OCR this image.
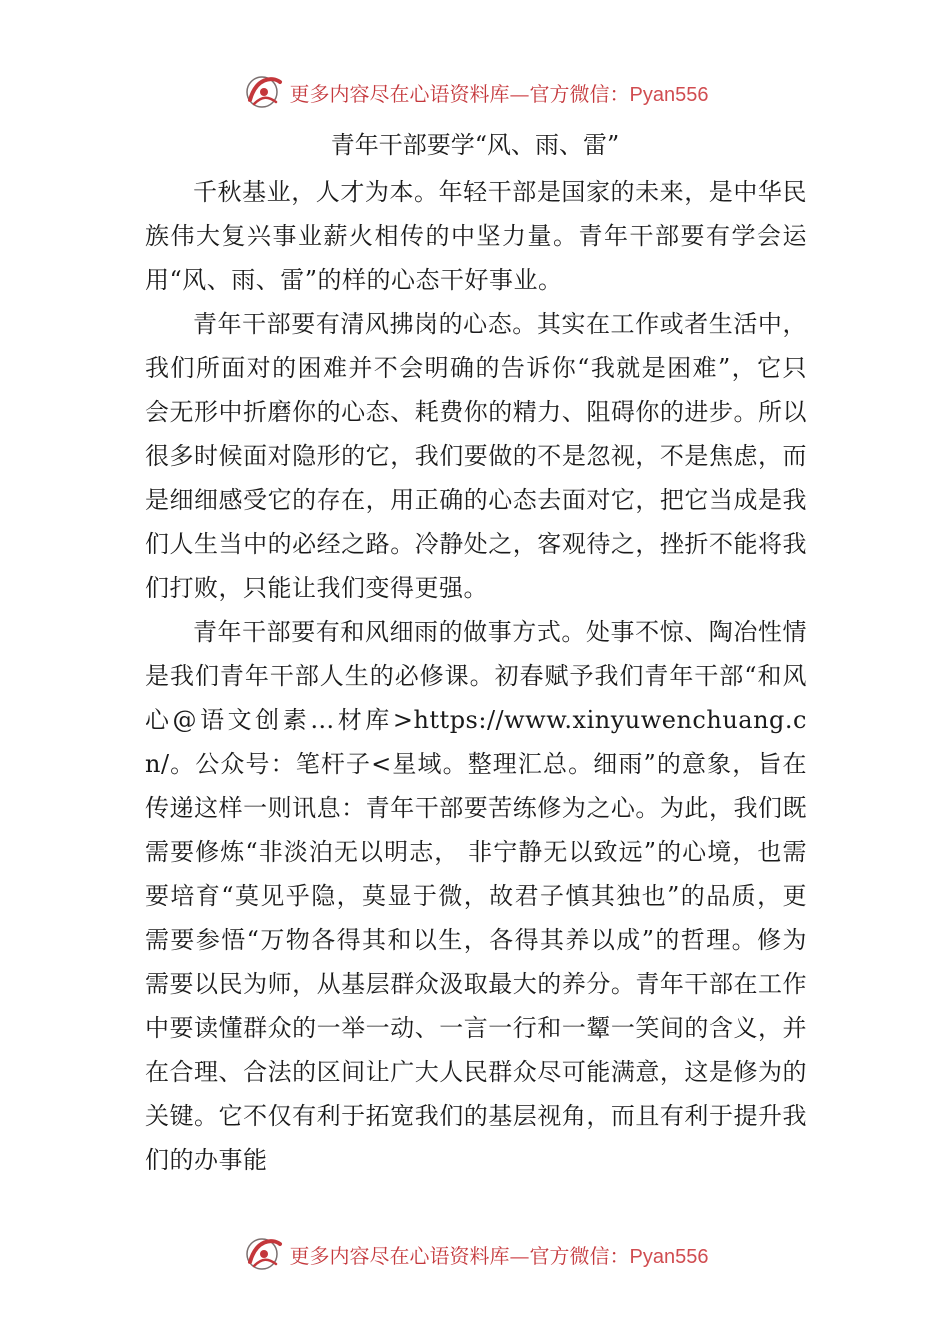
更多内容尽在心语资料库—官方微信：Pyan556
青年干部要学“风、雨、雷”

千秋基业，人才为本。年轻干部是国家的未来，是中华民族伟大复兴事业薪火相传的中坚力量。青年干部要有学会运用“风、雨、雷”的样的心态干好事业。

青年干部要有清风拂岗的心态。其实在工作或者生活中，我们所面对的困难并不会明确的告诉你“我就是困难”，它只会无形中折磨你的心态、耗费你的精力、阻碍你的进步。所以很多时候面对隐形的它，我们要做的不是忽视，不是焦虑，而是细细感受它的存在，用正确的心态去面对它，把它当成是我们人生当中的必经之路。冷静处之，客观待之，挫折不能将我们打败，只能让我们变得更强。

青年干部要有和风细雨的做事方式。处事不惊、陶冶性情是我们青年干部人生的必修课。初春赋予我们青年干部“和风心@语文创素…材库>https://www.xinyuwenchuang.cn/。公众号：笔杆子<星域。整理汇总。细雨”的意象，旨在传递这样一则讯息：青年干部要苦练修为之心。为此，我们既需要修炼“非淡泊无以明志， 非宁静无以致远”的心境，也需要培育“莫见乎隐，莫显于微，故君子慎其独也”的品质，更需要参悟“万物各得其和以生，各得其养以成”的哲理。修为需要以民为师，从基层群众汲取最大的养分。青年干部在工作中要读懂群众的一举一动、一言一行和一颦一笑间的含义，并在合理、合法的区间让广大人民群众尽可能满意，这是修为的关键。它不仅有利于拓宽我们的基层视角，而且有利于提升我们的办事能

更多内容尽在心语资料库—官方微信：Pyan556
